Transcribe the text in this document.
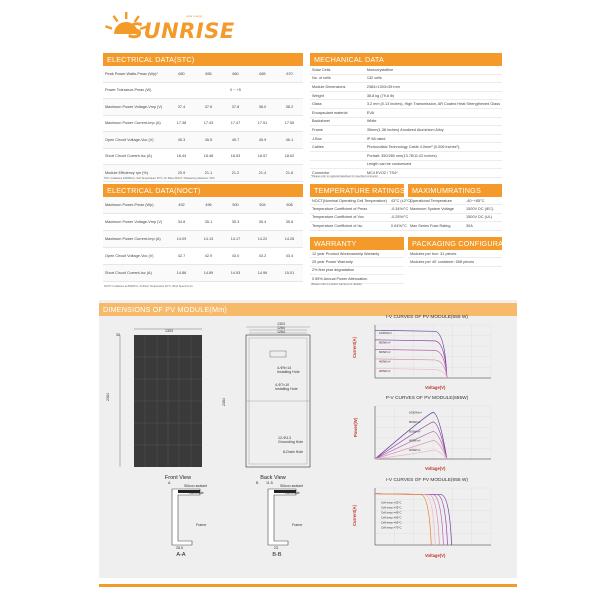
SUNRISE
solar energy
ELECTRICAL DATA(STC)
Peak Power Watts-Pmax (Wp)*	650	655	660	665	670
Power Tolerance-Pmax (W)	0 ~ +5				
Maximum Power Voltage-Vmp (V)	37.4	37.6	37.8	38.0	38.2
Maximum Power Current-Imp (A)	17.38	17.43	17.47	17.51	17.55
Open Circuit Voltage-Voc (V)	45.3	45.5	45.7	45.9	46.1
Short Circuit Current-Isc (A)	18.44	18.48	18.53	18.57	18.62
Module Efficiency ηm (%)	20.9	21.1	21.2	21.4	21.6
STC: Irradiance 1000W/m², Cell Temperature 25°C, Air Mass AM1.5. *Measuring tolerance: ±3%.
ELECTRICAL DATA(NOCT)
Maximum Power-Pmax (Wp)	492	496	500	504	508
Maximum Power Voltage-Vmp (V)	34.8	35.1	35.3	35.4	35.6
Maximum Power Current-Imp (A)	14.09	14.13	14.17	14.22	14.26
Open Circuit Voltage-Voc (V)	42.7	42.9	43.0	43.2	43.4
Short Circuit Current-Isc (A)	14.86	14.89	14.93	14.96	15.01
NOCT: Irradiance at 800W/m², Ambient Temperature 20°C, Wind Speed 1m/s.
MECHANICAL DATA
Solar Cells	Monocrystalline
No. of cells	132 cells
Module Dimensions	2384×1303×35 mm
Weight	38.8 kg (79.6 lb)
Glass	3.2 mm (0.13 inches), High Transmission, AR Coated Heat Strengthened Glass
Encapsulant material	EVA
Backsheet	White
Frame	35mm(1.38 inches) Anodized Aluminium Alloy
J-Box	IP 68 rated
Cables	Photovoltaic Technology Cable 4.0mm² (0.006 inches²),
	Portrait: 350/280 mm(13.78/11.02 inches)
	Length can be customized
Connector	MC4 EVO2 / TS4*
*Please refer to regional datasheet for specified connector.
TEMPERATURE RATINGS
NOCT(Nominal Operating Cell Temperature)	43°C (±2°C)
Temperature Coefficient of Pmax	-0.34%/°C
Temperature Coefficient of Voc	-0.25%/°C
Temperature Coefficient of Isc	0.04%/°C
MAXIMUMRATINGS
Operational Temperature	-40~+85°C
Maximum System Voltage	1500V DC (IEC)
	1500V DC (UL)
Max Series Fuse Rating	30A
WARRANTY
12 year Product Workmanship Warranty
25 year Power Warranty
2% first year degradation
0.55% Annual Power Attenuation
(Please refer to product warranty for details)
PACKAGING CONFIGURATION
Modules per box: 31 pieces
Modules per 40' container: 558 pieces
DIMENSIONS OF PV MODULE(Mm)
1303
2384
35
1303
1264
1264
2384
4-Φ9×14
Installing Hole
4-Φ7×10
Installing Hole
12-Φ4.3
Grounding Hole
8-Drain Hole
Front View	Back View
Silicon sealant
Laminate
A
Frame
28.5
A-A
11.5
Silicon sealant
Laminate
B
Frame
23
B-B
I-V CURVES OF PV MODULE(655 W)
1000W/m²
800W/m²
600W/m²
400W/m²
200W/m²
Current(A)
Voltage(V)
P-V CURVES OF PV MODULE(655W)
1000W/m²
800W/m²
600W/m²
400W/m²
200W/m²
Power(W)
Voltage(V)
I-V CURVES OF PV MODULE(655 W)
Cell temp.=25°C
Cell temp.=35°C
Cell temp.=45°C
Cell temp.=55°C
Cell temp.=65°C
Cell temp.=75°C
Current(A)
Voltage(V)
